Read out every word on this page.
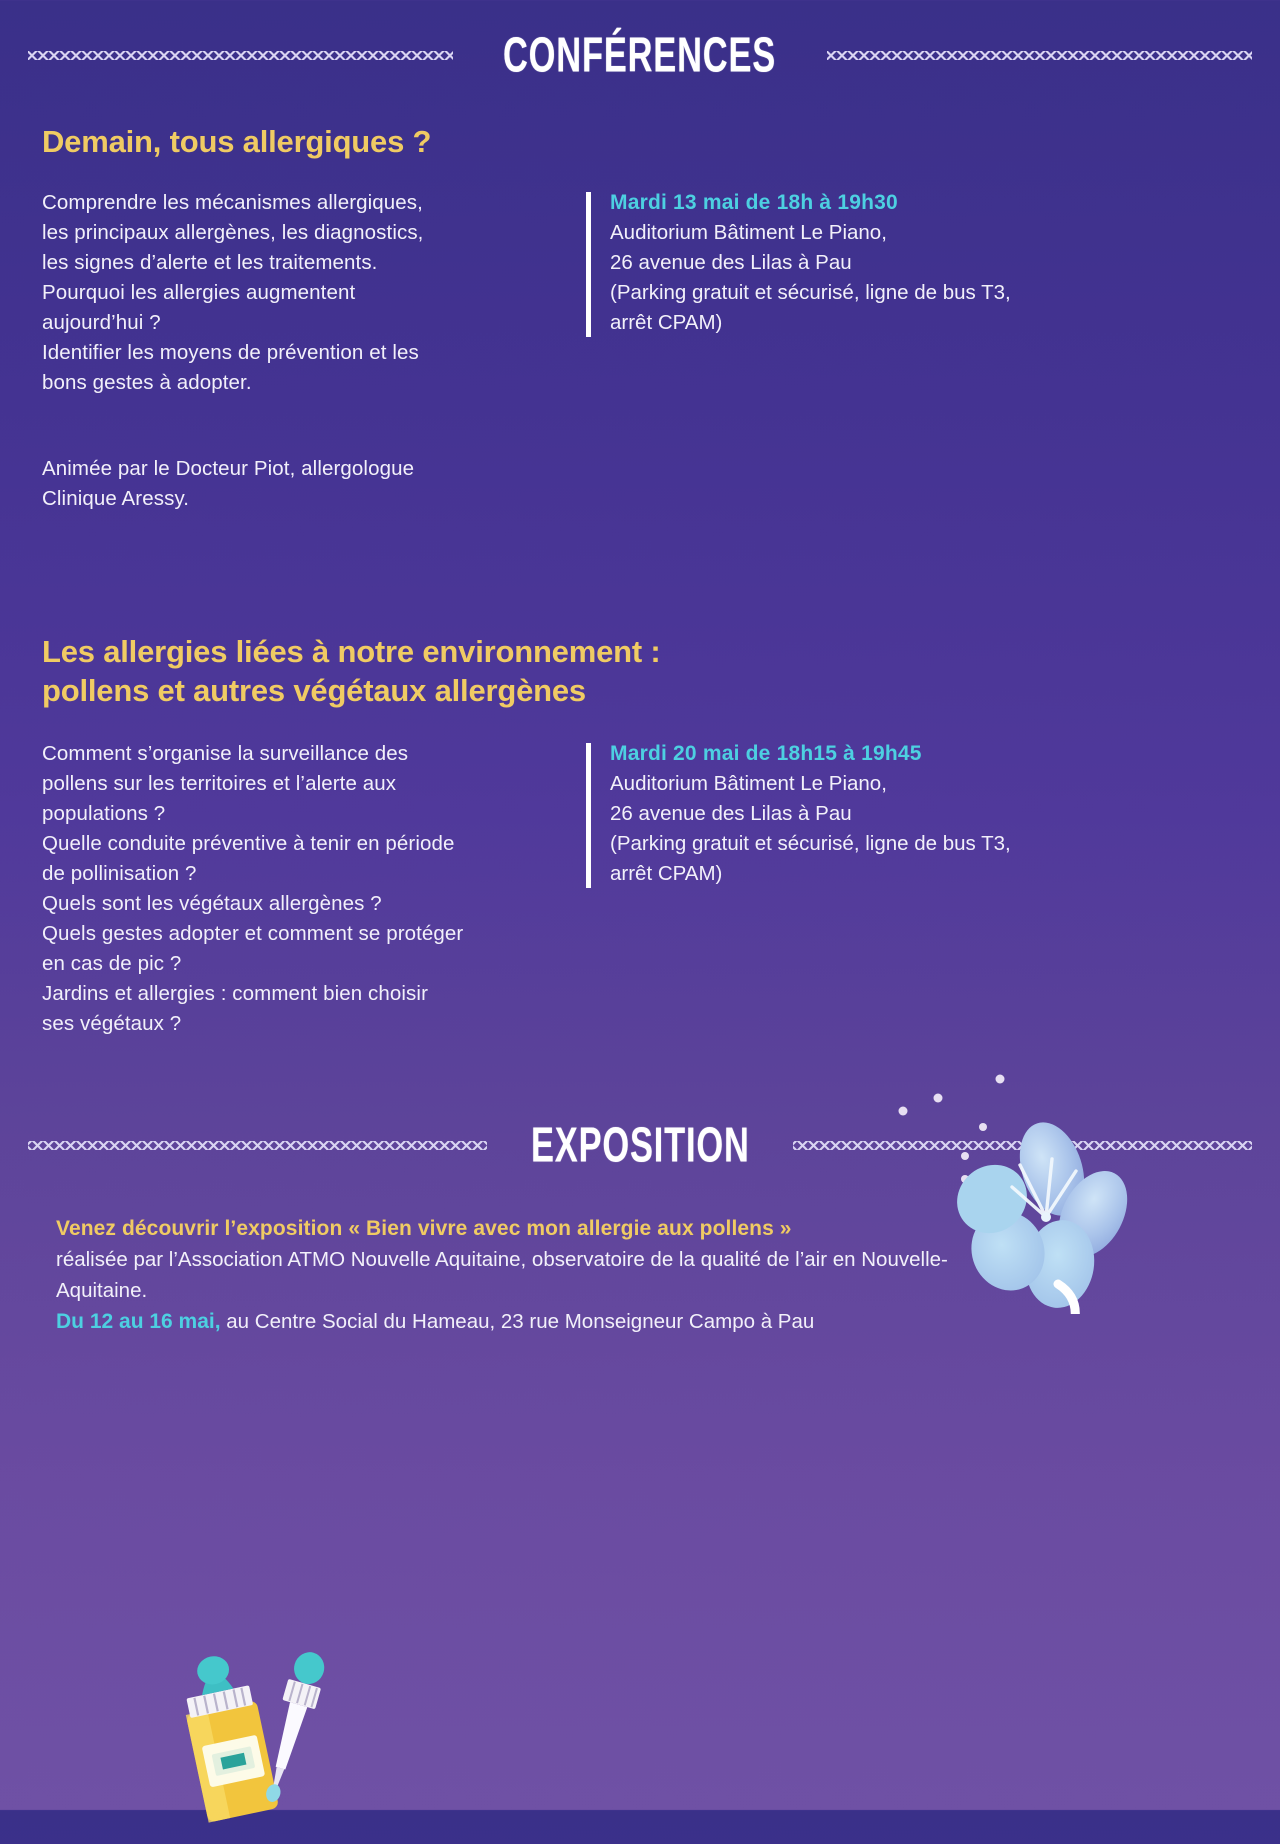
CONFÉRENCES
Demain, tous allergiques ?

Comprendre les mécanismes allergiques,

les principaux allergènes, les diagnostics,

les signes d’alerte et les traitements.

Pourquoi les allergies augmentent

aujourd’hui ?

Identifier les moyens de prévention et les

bons gestes à adopter.

Animée par le Docteur Piot, allergologue

Clinique Aressy.

Mardi 13 mai de 18h à 19h30

Auditorium Bâtiment Le Piano,

26 avenue des Lilas à Pau

(Parking gratuit et sécurisé, ligne de bus T3,

arrêt CPAM)

Les allergies liées à notre environnement :
pollens et autres végétaux allergènes

Comment s’organise la surveillance des

pollens sur les territoires et l’alerte aux

populations ?

Quelle conduite préventive à tenir en période

de pollinisation ?

Quels sont les végétaux allergènes ?

Quels gestes adopter et comment se protéger

en cas de pic ?

Jardins et allergies : comment bien choisir

ses végétaux ?

Mardi 20 mai de 18h15 à 19h45

Auditorium Bâtiment Le Piano,

26 avenue des Lilas à Pau

(Parking gratuit et sécurisé, ligne de bus T3,

arrêt CPAM)

EXPOSITION

Venez découvrir l’exposition « Bien vivre avec mon allergie aux pollens »

réalisée par l’Association ATMO Nouvelle Aquitaine, observatoire de la qualité de l’air en Nouvelle-

Aquitaine.

Du 12 au 16 mai, au Centre Social du Hameau, 23 rue Monseigneur Campo à Pau
